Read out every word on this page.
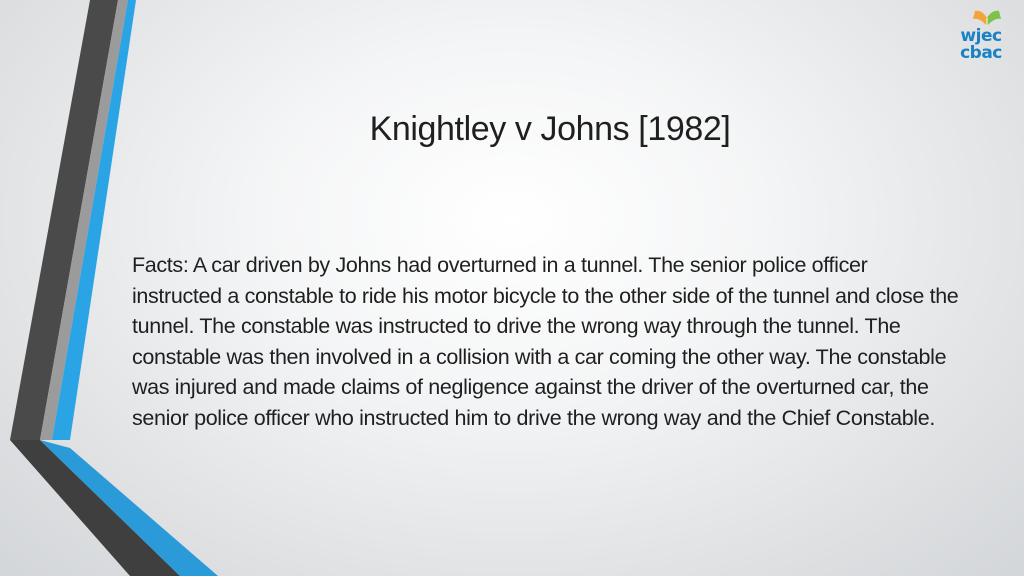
wjec
cbac
Knightley v Johns [1982]

Facts: A car driven by Johns had overturned in a tunnel. The senior police officer instructed a constable to ride his motor bicycle to the other side of the tunnel and close the tunnel. The constable was instructed to drive the wrong way through the tunnel. The constable was then involved in a collision with a car coming the other way. The constable was injured and made claims of negligence against the driver of the overturned car, the senior police officer who instructed him to drive the wrong way and the Chief Constable.
